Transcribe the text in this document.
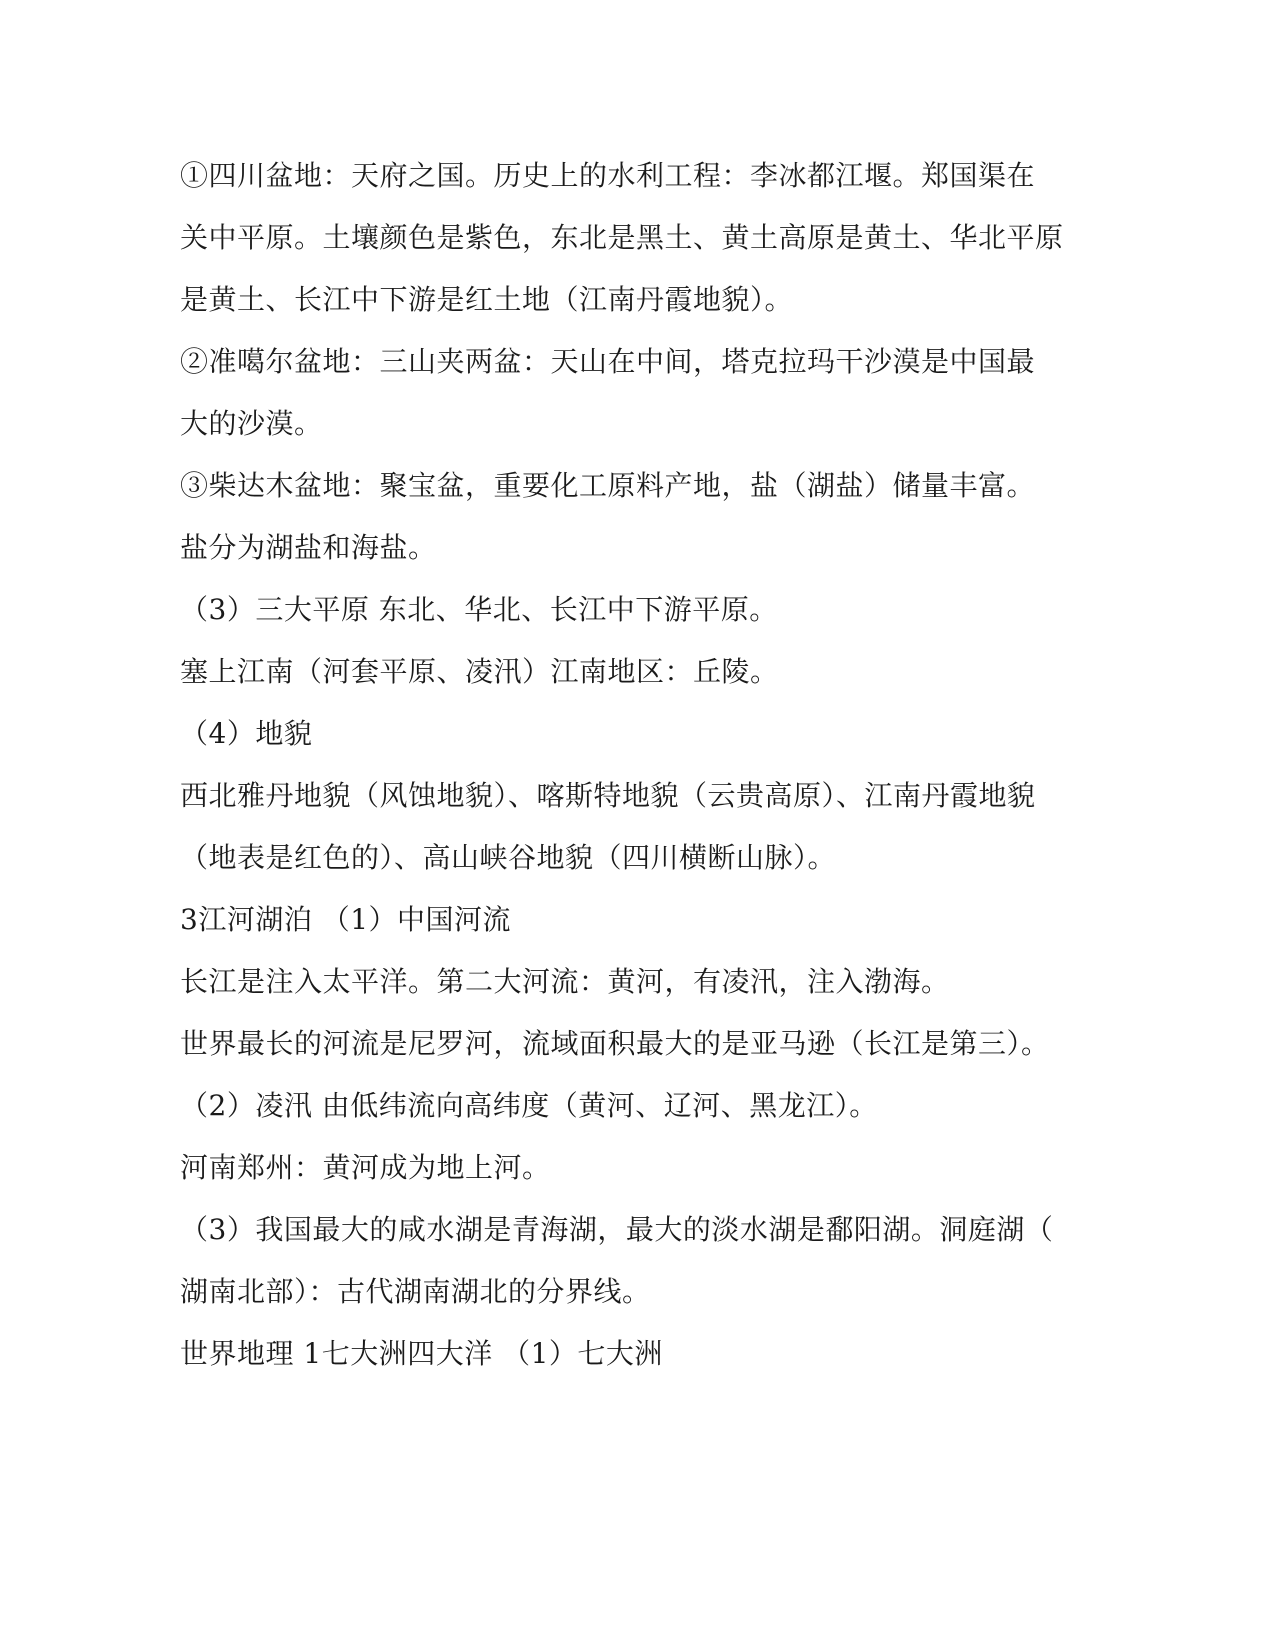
①四川盆地：天府之国。历史上的水利工程：李冰都江堰。郑国渠在
关中平原。土壤颜色是紫色，东北是黑土、黄土高原是黄土、华北平原
是黄土、长江中下游是红土地（江南丹霞地貌）。
②准噶尔盆地：三山夹两盆：天山在中间，塔克拉玛干沙漠是中国最
大的沙漠。
③柴达木盆地：聚宝盆，重要化工原料产地，盐（湖盐）储量丰富。
盐分为湖盐和海盐。
（3）三大平原 东北、华北、长江中下游平原。
塞上江南（河套平原、凌汛）江南地区：丘陵。
（4）地貌
西北雅丹地貌（风蚀地貌）、喀斯特地貌（云贵高原）、江南丹霞地貌
（地表是红色的）、高山峡谷地貌（四川横断山脉）。
3江河湖泊 （1）中国河流
长江是注入太平洋。第二大河流：黄河，有凌汛，注入渤海。
世界最长的河流是尼罗河，流域面积最大的是亚马逊（长江是第三）。
（2）凌汛 由低纬流向高纬度（黄河、辽河、黑龙江）。
河南郑州：黄河成为地上河。
（3）我国最大的咸水湖是青海湖，最大的淡水湖是鄱阳湖。洞庭湖（
湖南北部）：古代湖南湖北的分界线。
世界地理 1七大洲四大洋 （1）七大洲
